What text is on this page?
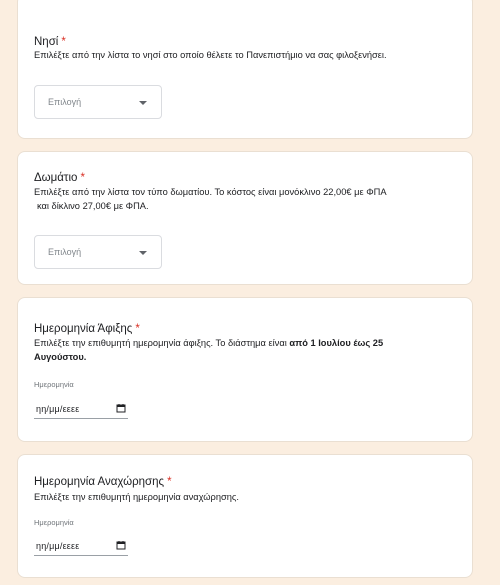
Νησί *
Επιλέξτε από την λίστα το νησί στο οποίο θέλετε το Πανεπιστήμιο να σας φιλοξενήσει.
Επιλογή
Δωμάτιο *
Επιλέξτε από την λίστα τον τύπο δωματίου. Το κόστος είναι μονόκλινο 22,00€ με ΦΠΑ
και δίκλινο 27,00€ με ΦΠΑ.
Επιλογή
Ημερομηνία Άφιξης *
Επιλέξτε την επιθυμητή ημερομηνία άφιξης. Το διάστημα είναι από 1 Ιουλίου έως 25
Αυγούστου.
Ημερομηνία
ηη/μμ/εεεε
Ημερομηνία Αναχώρησης *
Επιλέξτε την επιθυμητή ημερομηνία αναχώρησης.
Ημερομηνία
ηη/μμ/εεεε
